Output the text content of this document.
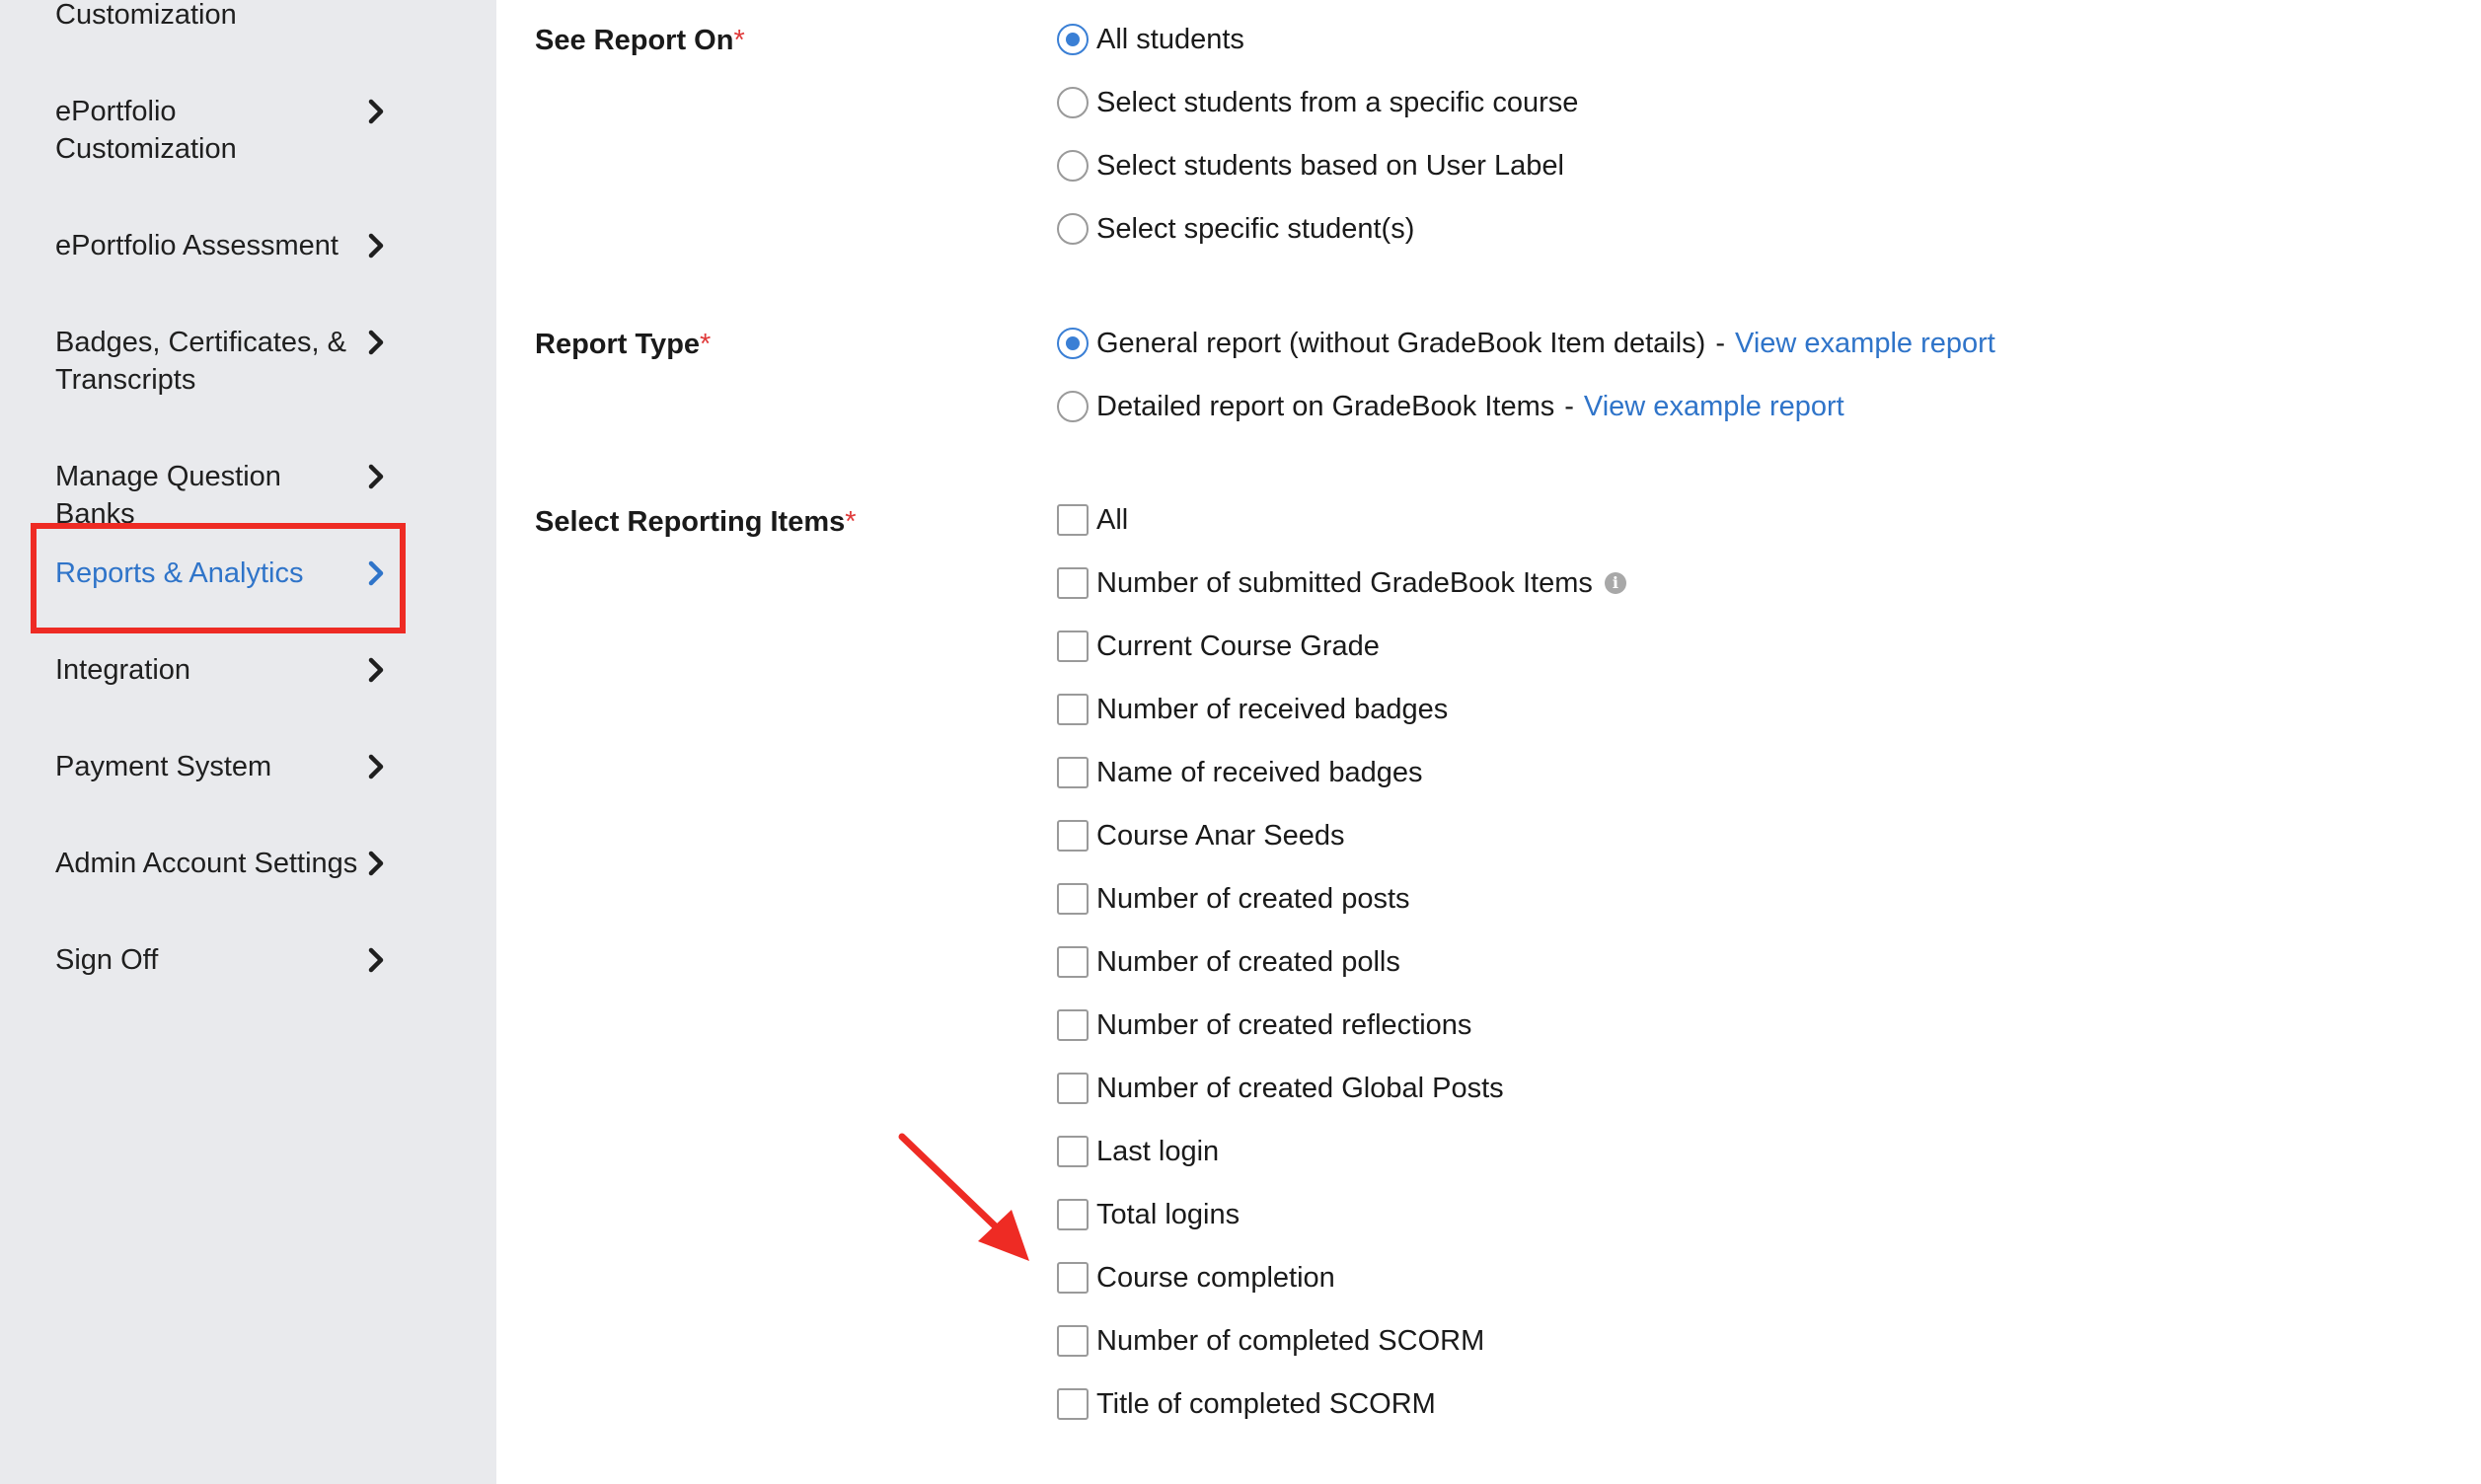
Customization
ePortfolio Customization
ePortfolio Assessment
Badges, Certificates, & Transcripts
Manage Question Banks
Reports & Analytics
Integration
Payment System
Admin Account Settings
Sign Off
See Report On*	All students
Select students from a specific course
Select students based on User Label
Select specific student(s)
Report Type*	General report (without GradeBook Item details) - View example report
Detailed report on GradeBook Items - View example report
Select Reporting Items*	All
Number of submitted GradeBook Items	i
Current Course Grade
Number of received badges
Name of received badges
Course Anar Seeds
Number of created posts
Number of created polls
Number of created reflections
Number of created Global Posts
Last login
Total logins
Course completion
Number of completed SCORM
Title of completed SCORM
